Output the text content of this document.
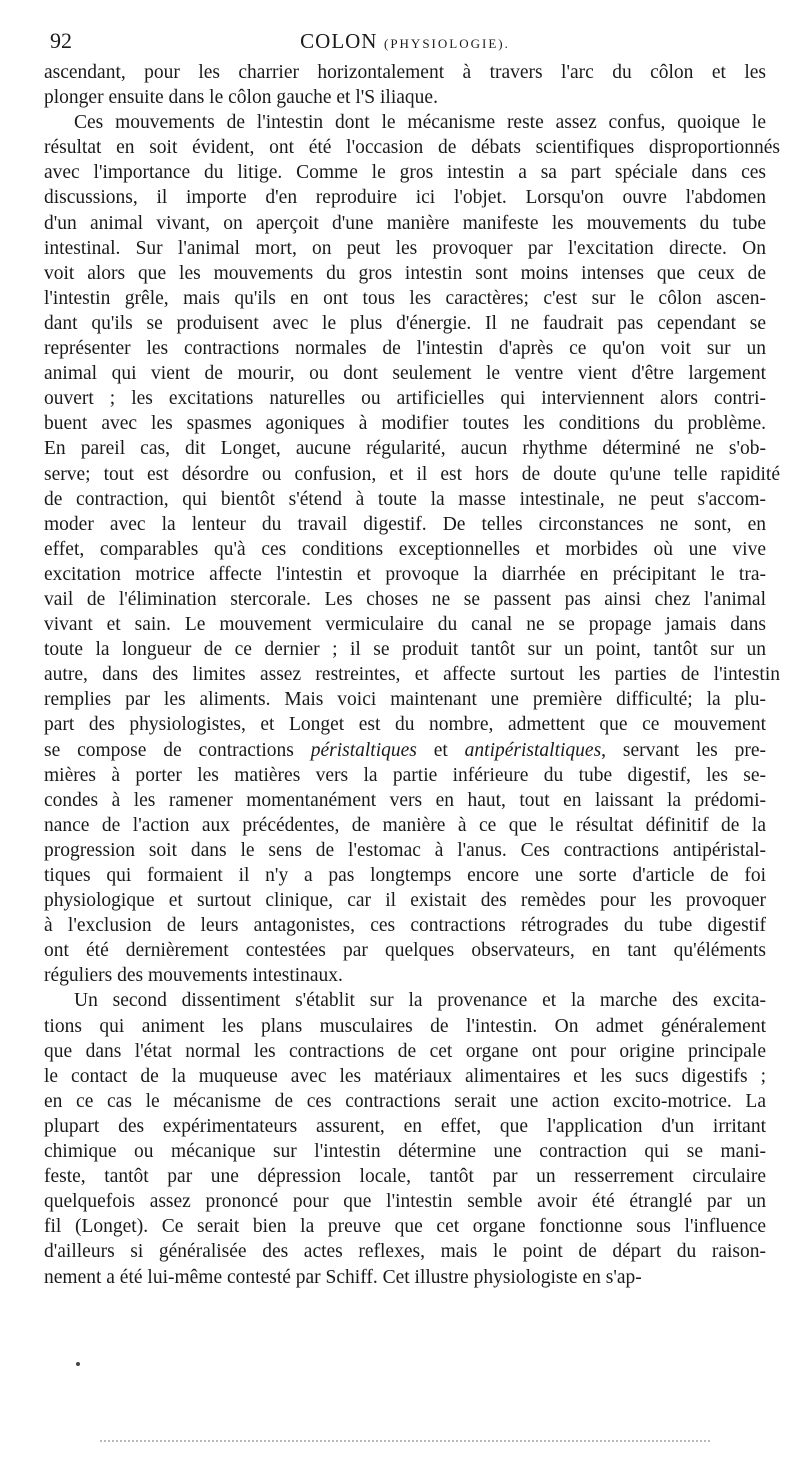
92	COLON (PHYSIOLOGIE).
ascendant, pour les charrier horizontalement à travers l'arc du côlon et les
plonger ensuite dans le côlon gauche et l'S iliaque.
Ces mouvements de l'intestin dont le mécanisme reste assez confus, quoique le
résultat en soit évident, ont été l'occasion de débats scientifiques disproportionnés
avec l'importance du litige. Comme le gros intestin a sa part spéciale dans ces
discussions, il importe d'en reproduire ici l'objet. Lorsqu'on ouvre l'abdomen
d'un animal vivant, on aperçoit d'une manière manifeste les mouvements du tube
intestinal. Sur l'animal mort, on peut les provoquer par l'excitation directe. On
voit alors que les mouvements du gros intestin sont moins intenses que ceux de
l'intestin grêle, mais qu'ils en ont tous les caractères; c'est sur le côlon ascen-
dant qu'ils se produisent avec le plus d'énergie. Il ne faudrait pas cependant se
représenter les contractions normales de l'intestin d'après ce qu'on voit sur un
animal qui vient de mourir, ou dont seulement le ventre vient d'être largement
ouvert ; les excitations naturelles ou artificielles qui interviennent alors contri-
buent avec les spasmes agoniques à modifier toutes les conditions du problème.
En pareil cas, dit Longet, aucune régularité, aucun rhythme déterminé ne s'ob-
serve; tout est désordre ou confusion, et il est hors de doute qu'une telle rapidité
de contraction, qui bientôt s'étend à toute la masse intestinale, ne peut s'accom-
moder avec la lenteur du travail digestif. De telles circonstances ne sont, en
effet, comparables qu'à ces conditions exceptionnelles et morbides où une vive
excitation motrice affecte l'intestin et provoque la diarrhée en précipitant le tra-
vail de l'élimination stercorale. Les choses ne se passent pas ainsi chez l'animal
vivant et sain. Le mouvement vermiculaire du canal ne se propage jamais dans
toute la longueur de ce dernier ; il se produit tantôt sur un point, tantôt sur un
autre, dans des limites assez restreintes, et affecte surtout les parties de l'intestin
remplies par les aliments. Mais voici maintenant une première difficulté; la plu-
part des physiologistes, et Longet est du nombre, admettent que ce mouvement
se compose de contractions péristaltiques et antipéristaltiques, servant les pre-
mières à porter les matières vers la partie inférieure du tube digestif, les se-
condes à les ramener momentanément vers en haut, tout en laissant la prédomi-
nance de l'action aux précédentes, de manière à ce que le résultat définitif de la
progression soit dans le sens de l'estomac à l'anus. Ces contractions antipéristal-
tiques qui formaient il n'y a pas longtemps encore une sorte d'article de foi
physiologique et surtout clinique, car il existait des remèdes pour les provoquer
à l'exclusion de leurs antagonistes, ces contractions rétrogrades du tube digestif
ont été dernièrement contestées par quelques observateurs, en tant qu'éléments
réguliers des mouvements intestinaux.
Un second dissentiment s'établit sur la provenance et la marche des excita-
tions qui animent les plans musculaires de l'intestin. On admet généralement
que dans l'état normal les contractions de cet organe ont pour origine principale
le contact de la muqueuse avec les matériaux alimentaires et les sucs digestifs ;
en ce cas le mécanisme de ces contractions serait une action excito-motrice. La
plupart des expérimentateurs assurent, en effet, que l'application d'un irritant
chimique ou mécanique sur l'intestin détermine une contraction qui se mani-
feste, tantôt par une dépression locale, tantôt par un resserrement circulaire
quelquefois assez prononcé pour que l'intestin semble avoir été étranglé par un
fil (Longet). Ce serait bien la preuve que cet organe fonctionne sous l'influence
d'ailleurs si généralisée des actes reflexes, mais le point de départ du raison-
nement a été lui-même contesté par Schiff. Cet illustre physiologiste en s'ap-
